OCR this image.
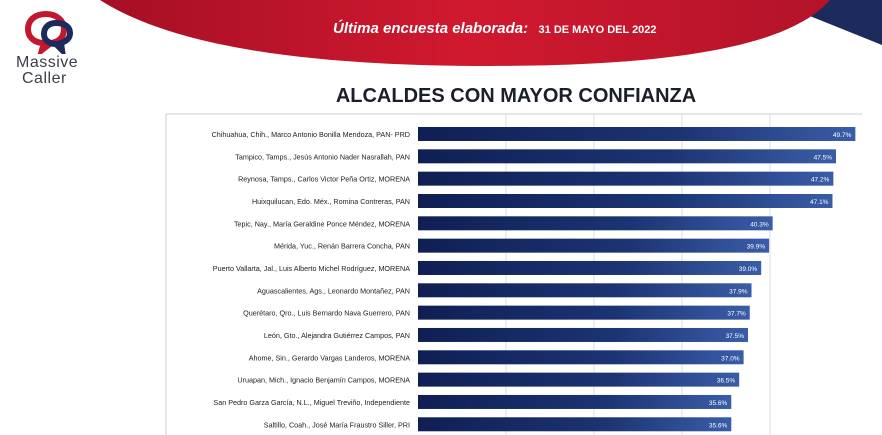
Última encuesta elaborada: 31 DE MAYO DEL 2022
Massive
Caller
ALCALDES CON MAYOR CONFIANZA
Chihuahua, Chih., Marco Antonio Bonilla Mendoza, PAN- PRD	49.7%
Tampico, Tamps., Jesús Antonio Nader Nasrallah, PAN	47.5%
Reynosa, Tamps., Carlos Victor Peña Ortiz, MORENA	47.2%
Huixquilucan, Edo. Méx., Romina Contreras, PAN	47.1%
Tepic, Nay., María Geraldine Ponce Méndez, MORENA	40.3%
Mérida, Yuc., Renán Barrera Concha, PAN	39.9%
Puerto Vallarta, Jal., Luis Alberto Michel Rodríguez, MORENA	39.0%
Aguascalientes, Ags., Leonardo Montañez, PAN	37.9%
Querétaro, Qro., Luis Bernardo Nava Guerrero, PAN	37.7%
León, Gto., Alejandra Gutiérrez Campos, PAN	37.5%
Ahome, Sin., Gerardo Vargas Landeros, MORENA	37.0%
Uruapan, Mich., Ignacio Benjamín Campos, MORENA	36.5%
San Pedro Garza García, N.L., Miguel Treviño, Independiente	35.6%
Saltillo, Coah., José María Fraustro Siller, PRI	35.6%
